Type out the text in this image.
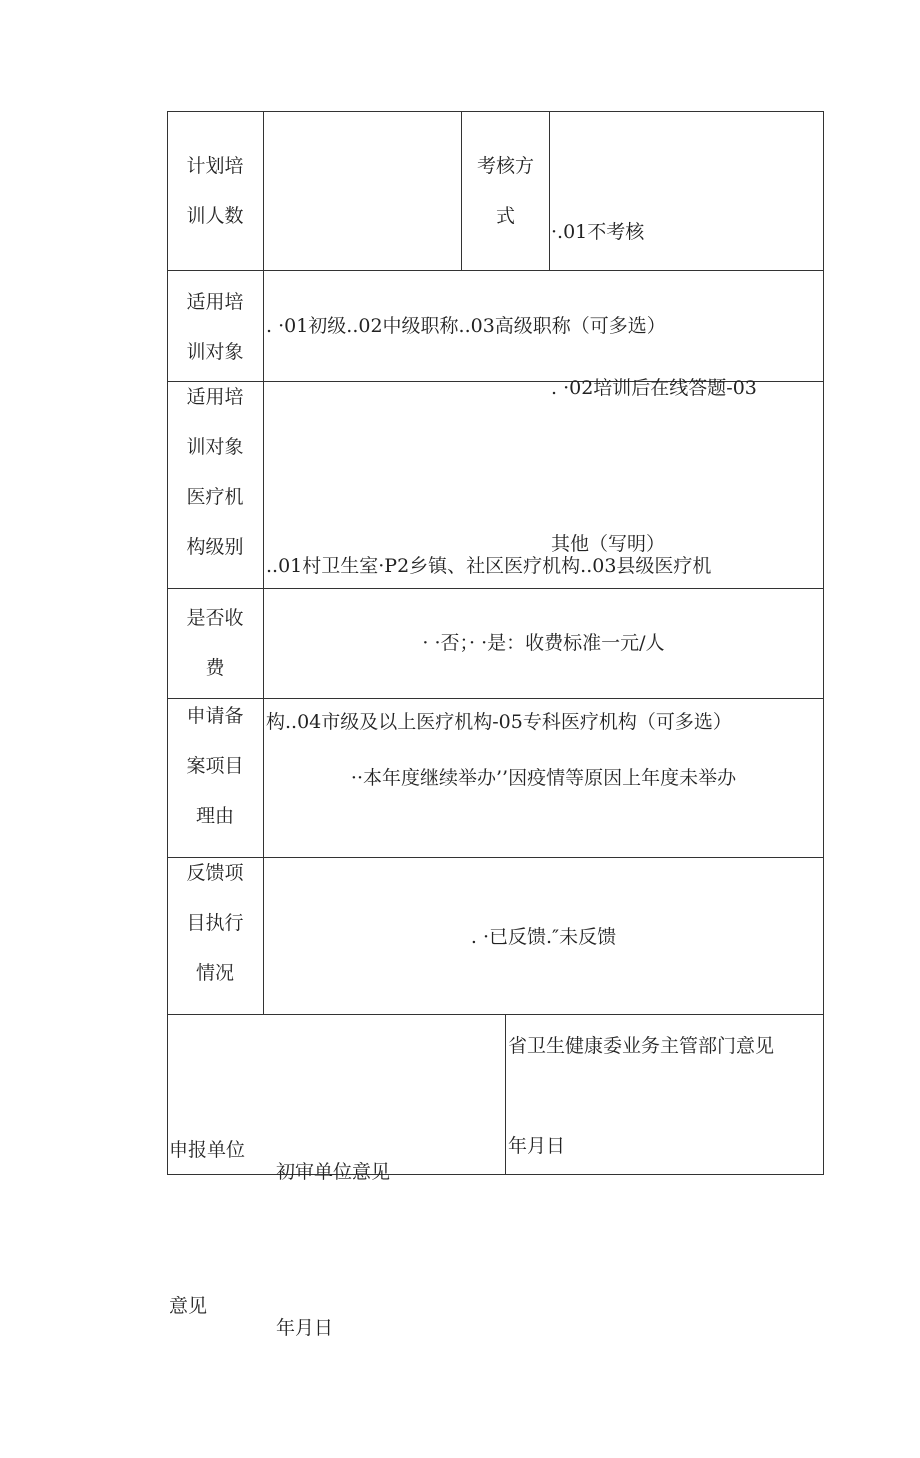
计划培
训人数
考核方
式

·.01不考核

. ·02培训后在线答题-03

其他（写明）

适用培
训对象
. ·01初级..02中级职称..03高级职称（可多选）
适用培
训对象
医疗机
构级别

..01村卫生室·P2乡镇、社区医疗机构..03县级医疗机

构..04市级及以上医疗机构-05专科医疗机构（可多选）

是否收
费
· ·否；· ·是：收费标准一元/人
申请备
案项目
理由
··本年度继续举办’’因疫情等原因上年度未举办
反馈项
目执行
情况
. ·已反馈.″未反馈

申报单位

意见

初审单位意见

年月日

省卫生健康委业务主管部门意见
年月日
